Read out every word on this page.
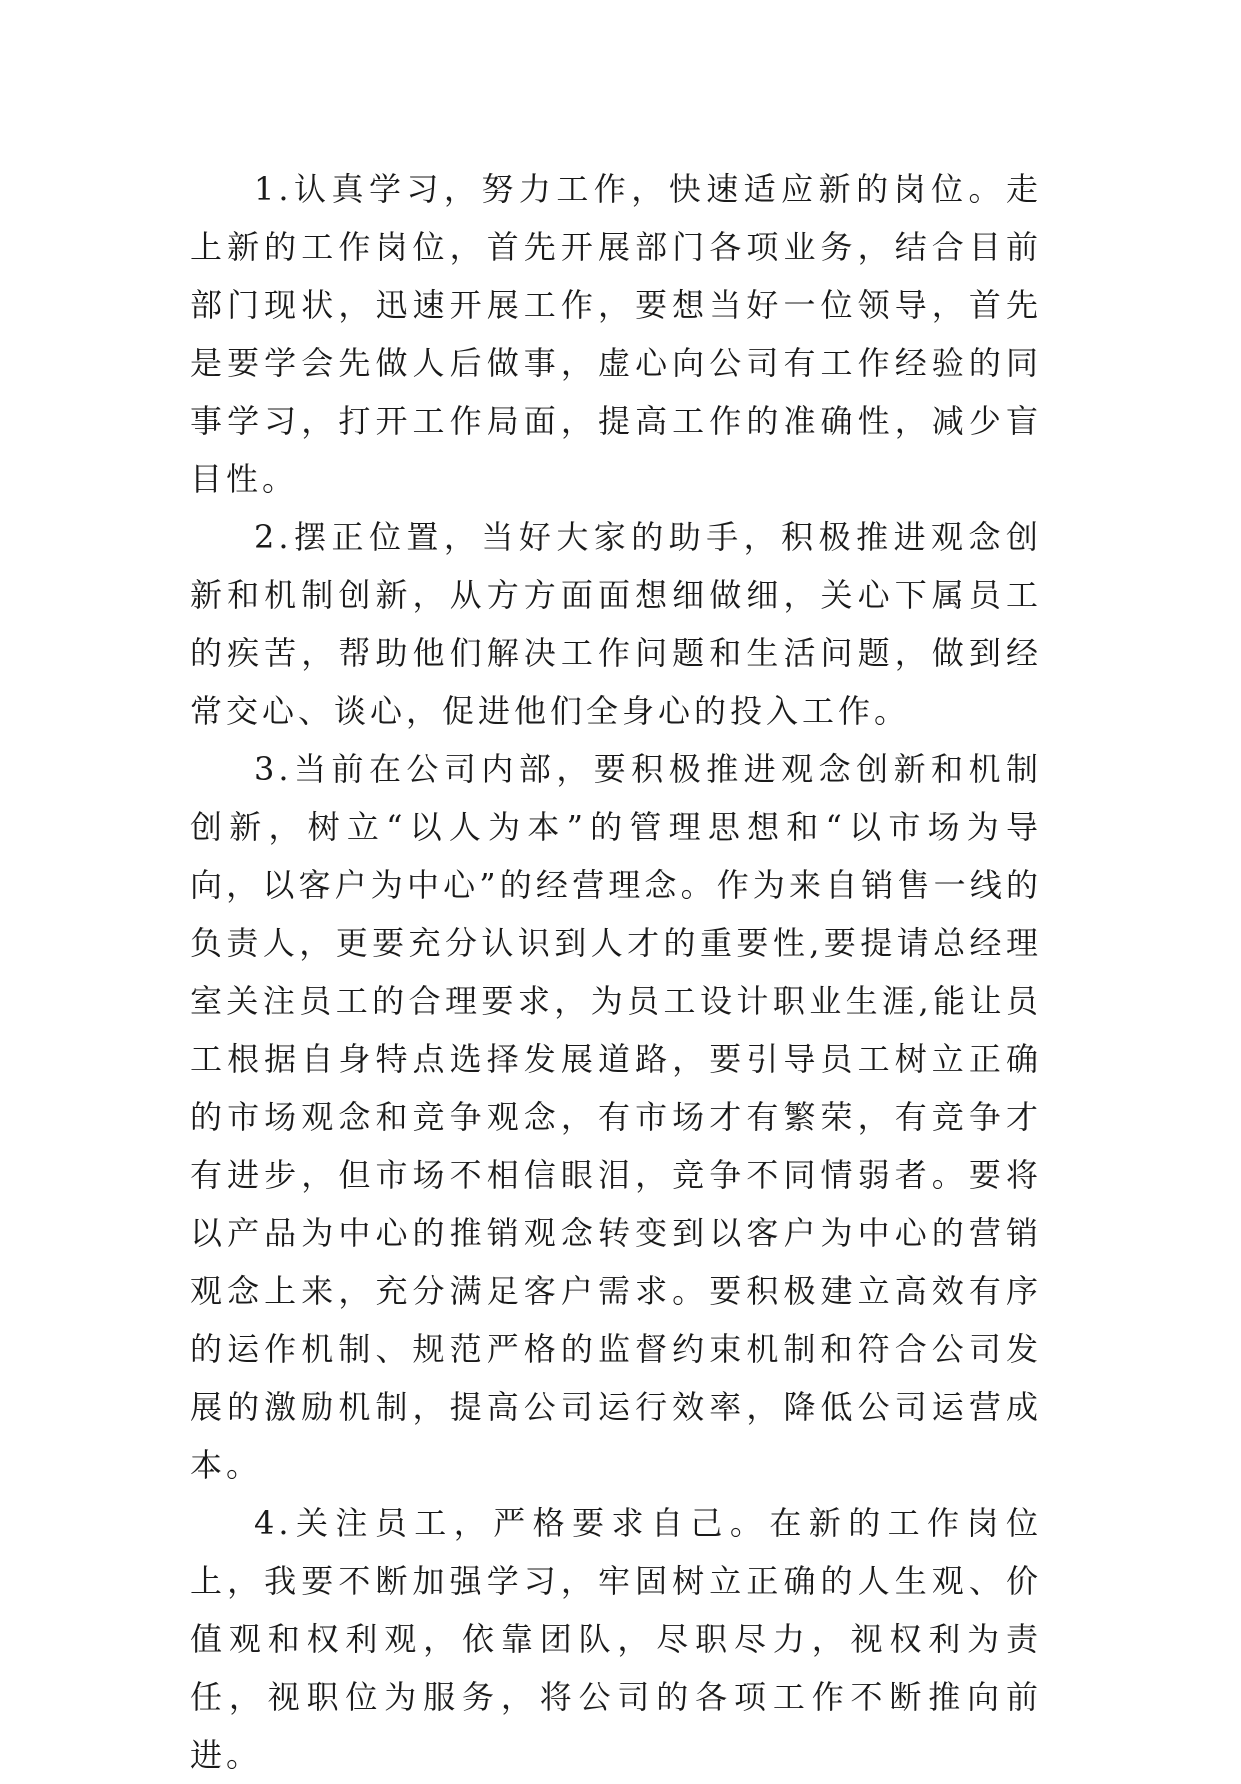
1.认真学习，努力工作，快速适应新的岗位。走上新的工作岗位，首先开展部门各项业务，结合目前部门现状，迅速开展工作，要想当好一位领导，首先是要学会先做人后做事，虚心向公司有工作经验的同事学习，打开工作局面，提高工作的准确性，减少盲目性。

2.摆正位置，当好大家的助手，积极推进观念创新和机制创新，从方方面面想细做细，关心下属员工的疾苦，帮助他们解决工作问题和生活问题，做到经常交心、谈心，促进他们全身心的投入工作。

3.当前在公司内部，要积极推进观念创新和机制创新，树立“以人为本”的管理思想和“以市场为导向，以客户为中心”的经营理念。作为来自销售一线的负责人，更要充分认识到人才的重要性,要提请总经理室关注员工的合理要求，为员工设计职业生涯,能让员工根据自身特点选择发展道路，要引导员工树立正确的市场观念和竞争观念，有市场才有繁荣，有竞争才有进步，但市场不相信眼泪，竞争不同情弱者。要将以产品为中心的推销观念转变到以客户为中心的营销观念上来，充分满足客户需求。要积极建立高效有序的运作机制、规范严格的监督约束机制和符合公司发展的激励机制，提高公司运行效率，降低公司运营成本。

4.关注员工，严格要求自己。在新的工作岗位上，我要不断加强学习，牢固树立正确的人生观、价值观和权利观，依靠团队，尽职尽力，视权利为责任，视职位为服务，将公司的各项工作不断推向前进。
